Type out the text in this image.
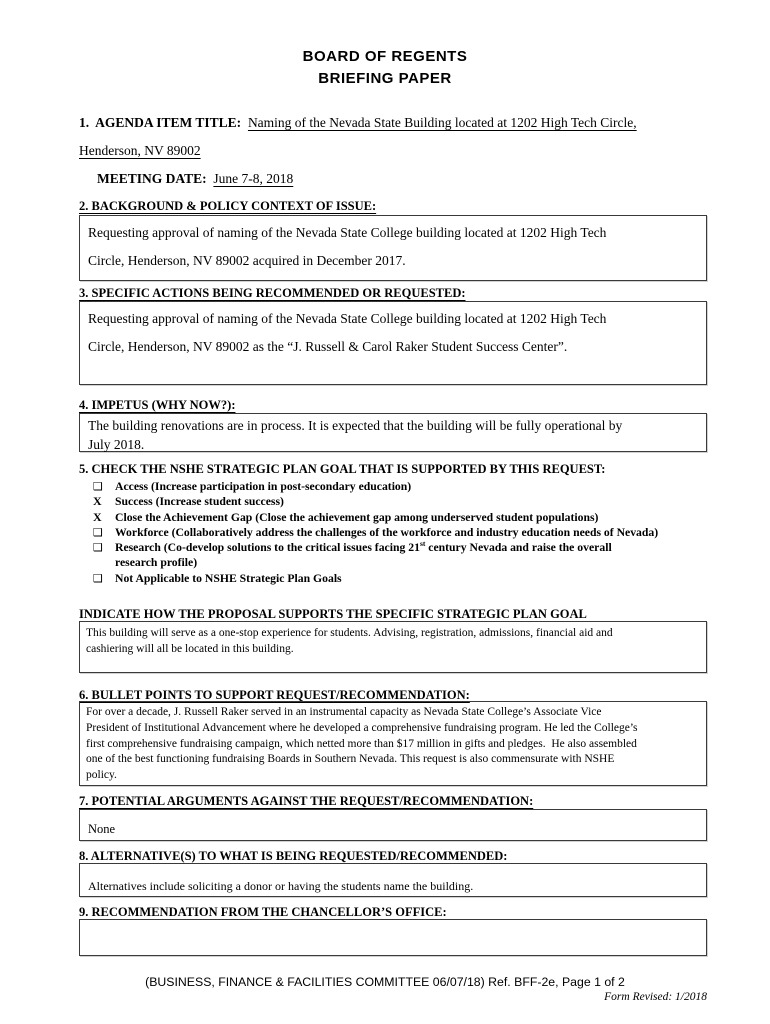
BOARD OF REGENTS
BRIEFING PAPER
1.  AGENDA ITEM TITLE:  Naming of the Nevada State Building located at 1202 High Tech Circle,
Henderson, NV 89002
MEETING DATE:  June 7-8, 2018
2. BACKGROUND & POLICY CONTEXT OF ISSUE:
Requesting approval of naming of the Nevada State College building located at 1202 High Tech
Circle, Henderson, NV 89002 acquired in December 2017.
3. SPECIFIC ACTIONS BEING RECOMMENDED OR REQUESTED:
Requesting approval of naming of the Nevada State College building located at 1202 High Tech
Circle, Henderson, NV 89002 as the “J. Russell & Carol Raker Student Success Center”.
4. IMPETUS (WHY NOW?):
The building renovations are in process. It is expected that the building will be fully operational by
July 2018.
5. CHECK THE NSHE STRATEGIC PLAN GOAL THAT IS SUPPORTED BY THIS REQUEST:
❑	Access (Increase participation in post-secondary education)
X	Success (Increase student success)
X	Close the Achievement Gap (Close the achievement gap among underserved student populations)
❑	Workforce (Collaboratively address the challenges of the workforce and industry education needs of Nevada)
❑	Research (Co-develop solutions to the critical issues facing 21st century Nevada and raise the overall
research profile)
❑	Not Applicable to NSHE Strategic Plan Goals
INDICATE HOW THE PROPOSAL SUPPORTS THE SPECIFIC STRATEGIC PLAN GOAL
This building will serve as a one-stop experience for students. Advising, registration, admissions, financial aid and
cashiering will all be located in this building.
6. BULLET POINTS TO SUPPORT REQUEST/RECOMMENDATION:
For over a decade, J. Russell Raker served in an instrumental capacity as Nevada State College’s Associate Vice
President of Institutional Advancement where he developed a comprehensive fundraising program. He led the College’s
first comprehensive fundraising campaign, which netted more than $17 million in gifts and pledges.  He also assembled
one of the best functioning fundraising Boards in Southern Nevada. This request is also commensurate with NSHE
policy.
7. POTENTIAL ARGUMENTS AGAINST THE REQUEST/RECOMMENDATION:
None
8. ALTERNATIVE(S) TO WHAT IS BEING REQUESTED/RECOMMENDED:
Alternatives include soliciting a donor or having the students name the building.
9. RECOMMENDATION FROM THE CHANCELLOR’S OFFICE:
(BUSINESS, FINANCE & FACILITIES COMMITTEE 06/07/18) Ref. BFF-2e, Page 1 of 2
Form Revised: 1/2018
